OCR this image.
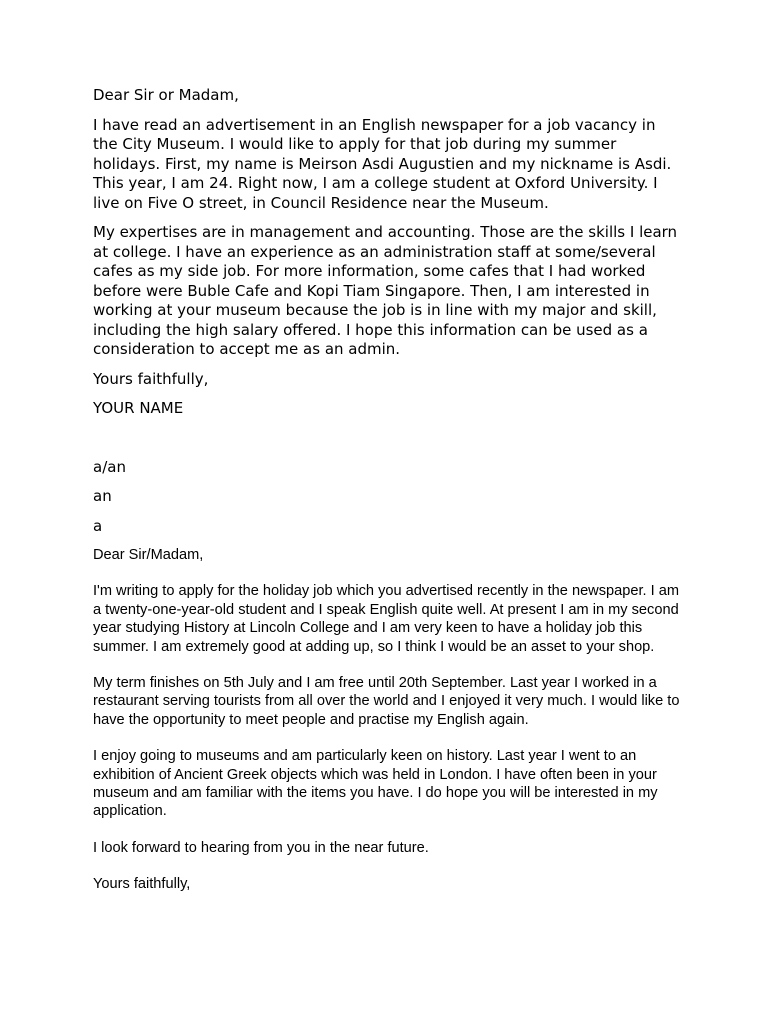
Dear Sir or Madam,

I have read an advertisement in an English newspaper for a job vacancy in the City Museum. I would like to apply for that job during my summer holidays. First, my name is Meirson Asdi Augustien and my nickname is Asdi. This year, I am 24. Right now, I am a college student at Oxford University. I live on Five O street, in Council Residence near the Museum.

My expertises are in management and accounting. Those are the skills I learn at college. I have an experience as an administration staff at some/several cafes as my side job. For more information, some cafes that I had worked before were Buble Cafe and Kopi Tiam Singapore. Then, I am interested in working at your museum because the job is in line with my major and skill, including the high salary offered. I hope this information can be used as a consideration to accept me as an admin.

Yours faithfully,

YOUR NAME

a/an

an

a

Dear Sir/Madam,

I'm writing to apply for the holiday job which you advertised recently in the newspaper. I am a twenty-one-year-old student and I speak English quite well. At present I am in my second year studying History at Lincoln College and I am very keen to have a holiday job this summer. I am extremely good at adding up, so I think I would be an asset to your shop.

My term finishes on 5th July and I am free until 20th September. Last year I worked in a restaurant serving tourists from all over the world and I enjoyed it very much. I would like to have the opportunity to meet people and practise my English again.

I enjoy going to museums and am particularly keen on history. Last year I went to an exhibition of Ancient Greek objects which was held in London. I have often been in your museum and am familiar with the items you have. I do hope you will be interested in my application.

I look forward to hearing from you in the near future.

Yours faithfully,
